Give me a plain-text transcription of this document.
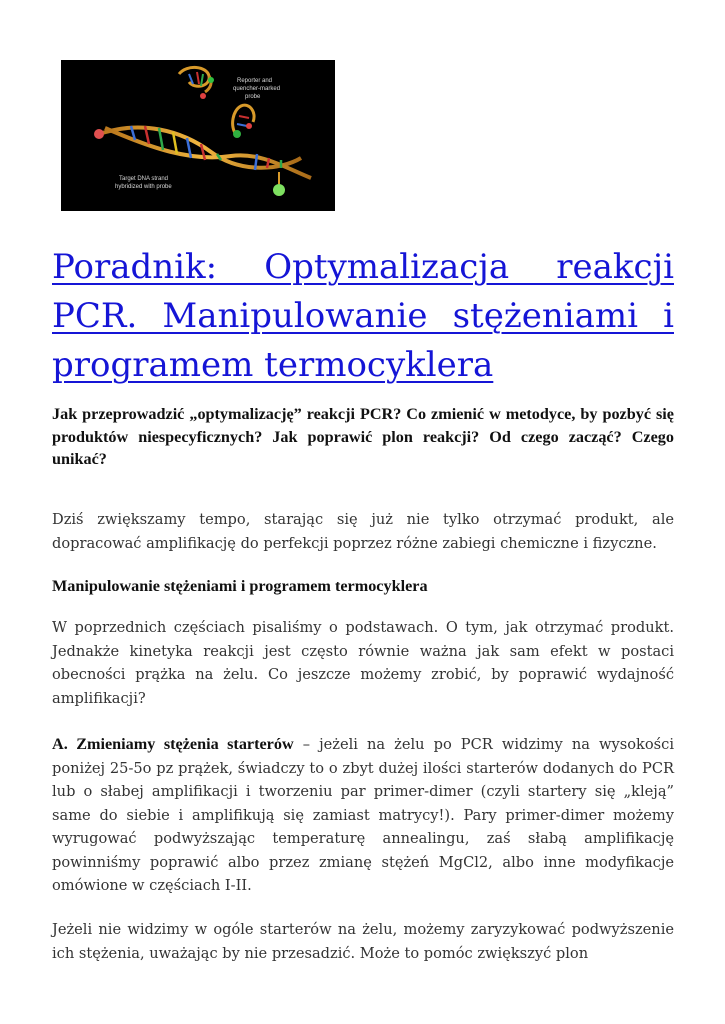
Reporter and
quencher-marked
probe
Target DNA strand
hybridized with probe
Poradnik: Optymalizacja reakcji PCR. Manipulowanie stężeniami i programem termocyklera

Jak przeprowadzić „optymalizację” reakcji PCR? Co zmienić w metodyce, by pozbyć się produktów niespecyficznych? Jak poprawić plon reakcji? Od czego zacząć? Czego unikać?

Dziś zwiększamy tempo, starając się już nie tylko otrzymać produkt, ale dopracować amplifikację do perfekcji poprzez różne zabiegi chemiczne i fizyczne.

Manipulowanie stężeniami i programem termocyklera

W poprzednich częściach pisaliśmy o podstawach. O tym, jak otrzymać produkt. Jednakże kinetyka reakcji jest często równie ważna jak sam efekt w postaci obecności prążka na żelu. Co jeszcze możemy zrobić, by poprawić wydajność amplifikacji?

A. Zmieniamy stężenia starterów – jeżeli na żelu po PCR widzimy na wysokości poniżej 25-5o pz prążek, świadczy to o zbyt dużej ilości starterów dodanych do PCR lub o słabej amplifikacji i tworzeniu par primer-dimer (czyli startery się „kleją” same do siebie i amplifikują się zamiast matrycy!). Pary primer-dimer możemy wyrugować podwyższając temperaturę annealingu, zaś słabą amplifikację powinniśmy poprawić albo przez zmianę stężeń MgCl2, albo inne modyfikacje omówione w częściach I-II.

Jeżeli nie widzimy w ogóle starterów na żelu, możemy zaryzykować podwyższenie ich stężenia, uważając by nie przesadzić. Może to pomóc zwiększyć plon
